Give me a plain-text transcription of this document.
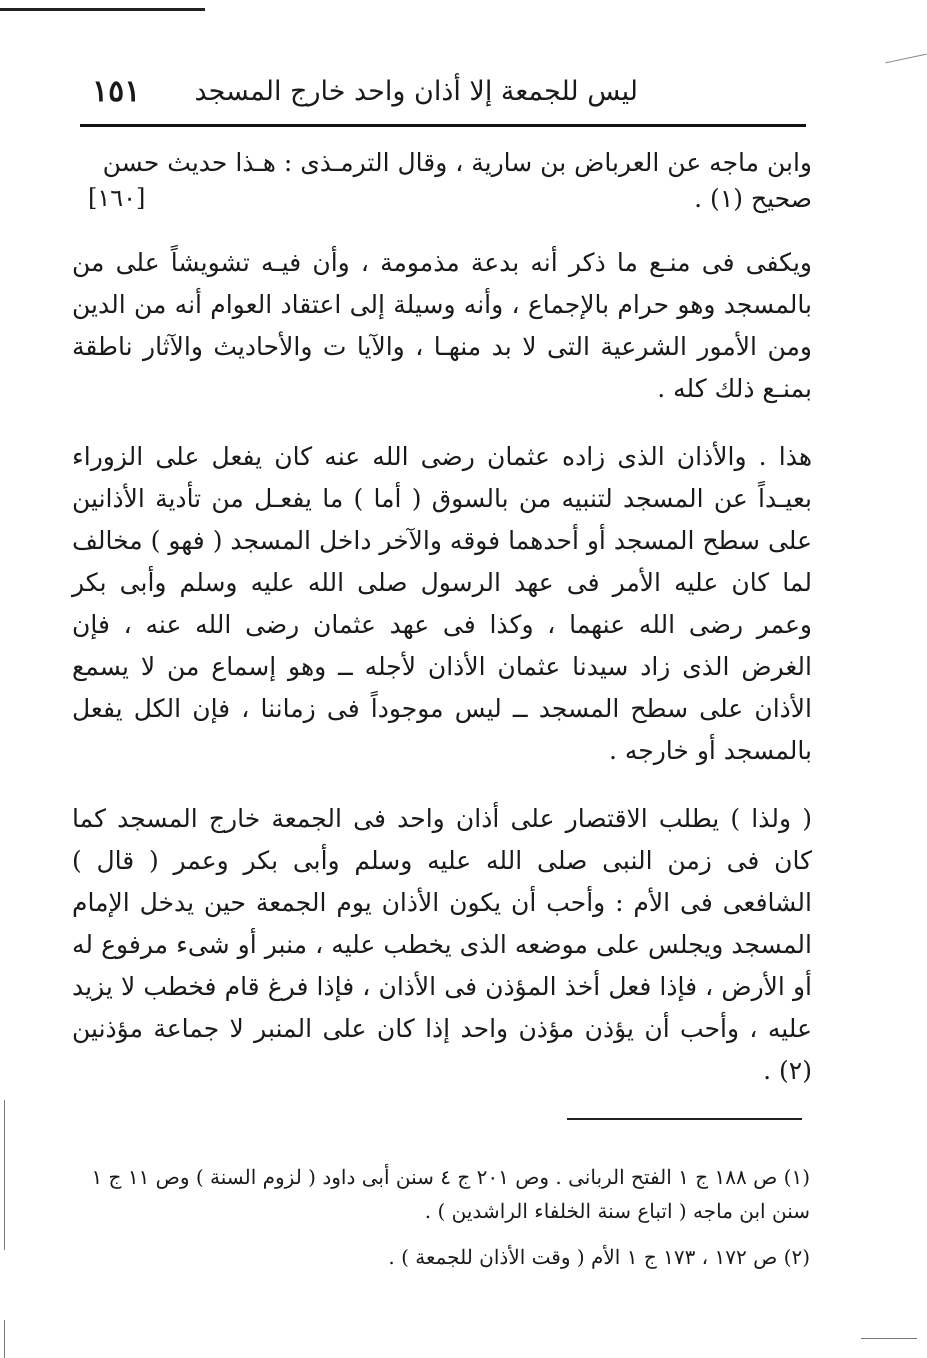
ليس للجمعة إلا أذان واحد خارج المسجد
١٥١

وابن ماجه عن العرباض بن سارية ، وقال الترمـذى : هـذا حديث حسن

صحيح (١) .
[١٦٠]

ويكفى فى منـع ما ذكر أنه بدعة مذمومة ، وأن فيـه تشويشاً على من بالمسجد وهو حرام بالإجماع ، وأنه وسيلة إلى اعتقاد العوام أنه من الدين ومن الأمور الشرعية التى لا بد منهـا ، والآيا ت والأحاديث والآثار ناطقة بمنـع ذلك كله .

هذا . والأذان الذى زاده عثمان رضى الله عنه كان يفعل على الزوراء بعيـداً عن المسجد لتنبيه من بالسوق ( أما ) ما يفعـل من تأدية الأذانين على سطح المسجد أو أحدهما فوقه والآخر داخل المسجد ( فهو ) مخالف لما كان عليه الأمر فى عهد الرسول صلى الله عليه وسلم وأبى بكر وعمر رضى الله عنهما ، وكذا فى عهد عثمان رضى الله عنه ، فإن الغرض الذى زاد سيدنا عثمان الأذان لأجله ــ وهو إسماع من لا يسمع الأذان على سطح المسجد ــ ليس موجوداً فى زماننا ، فإن الكل يفعل بالمسجد أو خارجه .

( ولذا ) يطلب الاقتصار على أذان واحد فى الجمعة خارج المسجد كما كان فى زمن النبى صلى الله عليه وسلم وأبى بكر وعمر ( قال ) الشافعى فى الأم : وأحب أن يكون الأذان يوم الجمعة حين يدخل الإمام المسجد ويجلس على موضعه الذى يخطب عليه ، منبر أو شىء مرفوع له أو الأرض ، فإذا فعل أخذ المؤذن فى الأذان ، فإذا فرغ قام فخطب لا يزيد عليه ، وأحب أن يؤذن مؤذن واحد إذا كان على المنبر لا جماعة مؤذنين (٢) .

(١) ص ١٨٨ ج ١ الفتح الربانى . وص ٢٠١ ج ٤ سنن أبى داود ( لزوم السنة ) وص ١١ ج ١ سنن ابن ماجه ( اتباع سنة الخلفاء الراشدين ) .

(٢) ص ١٧٢ ، ١٧٣ ج ١ الأم ( وقت الأذان للجمعة ) .
